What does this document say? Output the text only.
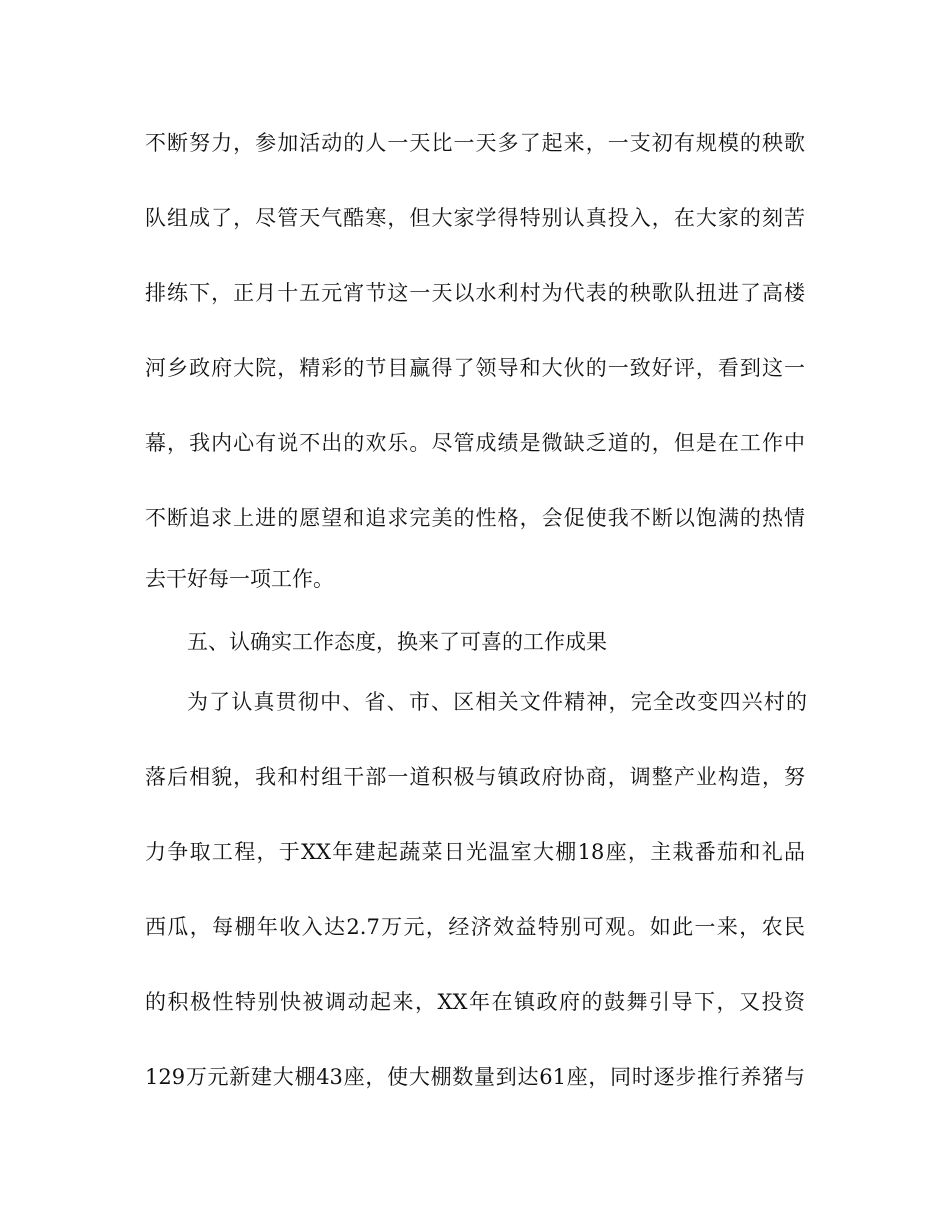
不断努力，参加活动的人一天比一天多了起来，一支初有规模的秧歌
队组成了，尽管天气酷寒，但大家学得特别认真投入，在大家的刻苦
排练下，正月十五元宵节这一天以水利村为代表的秧歌队扭进了高楼
河乡政府大院，精彩的节目赢得了领导和大伙的一致好评，看到这一
幕，我内心有说不出的欢乐。尽管成绩是微缺乏道的，但是在工作中
不断追求上进的愿望和追求完美的性格，会促使我不断以饱满的热情
去干好每一项工作。
五、认确实工作态度，换来了可喜的工作成果
为了认真贯彻中、省、市、区相关文件精神，完全改变四兴村的
落后相貌，我和村组干部一道积极与镇政府协商，调整产业构造，努
力争取工程，于XX年建起蔬菜日光温室大棚18座，主栽番茄和礼品
西瓜，每棚年收入达2.7万元，经济效益特别可观。如此一来，农民
的积极性特别快被调动起来，XX年在镇政府的鼓舞引导下，又投资
129万元新建大棚43座，使大棚数量到达61座，同时逐步推行养猪与
